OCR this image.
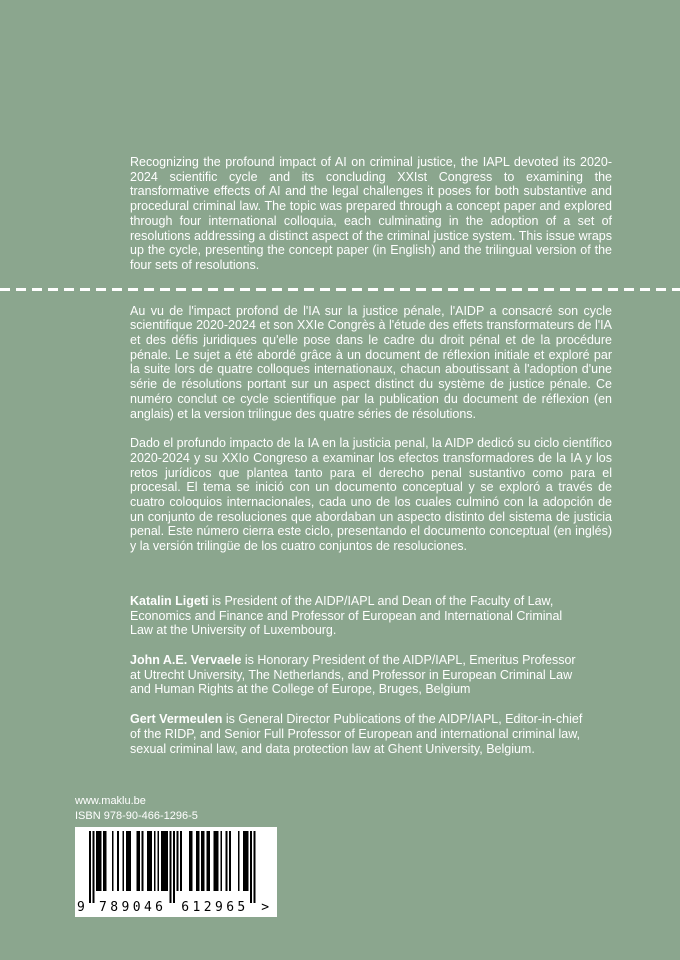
Recognizing the profound impact of AI on criminal justice, the IAPL devoted its 2020-2024 scientific cycle and its concluding XXIst Congress to examining the transformative effects of AI and the legal challenges it poses for both substantive and procedural criminal law. The topic was prepared through a concept paper and explored through four international colloquia, each culminating in the adoption of a set of resolutions addressing a distinct aspect of the criminal justice system. This issue wraps up the cycle, presenting the concept paper (in English) and the trilingual version of the four sets of resolutions.

Au vu de l'impact profond de l'IA sur la justice pénale, l'AIDP a consacré son cycle scientifique 2020-2024 et son XXIe Congrès à l'étude des effets transformateurs de l'IA et des défis juridiques qu'elle pose dans le cadre du droit pénal et de la procédure pénale. Le sujet a été abordé grâce à un document de réflexion initiale et exploré par la suite lors de quatre colloques internationaux, chacun aboutissant à l'adoption d'une série de résolutions portant sur un aspect distinct du système de justice pénale. Ce numéro conclut ce cycle scientifique par la publication du document de réflexion (en anglais) et la version trilingue des quatre séries de résolutions.

Dado el profundo impacto de la IA en la justicia penal, la AIDP dedicó su ciclo científico 2020-2024 y su XXIo Congreso a examinar los efectos transformadores de la IA y los retos jurídicos que plantea tanto para el derecho penal sustantivo como para el procesal. El tema se inició con un documento conceptual y se exploró a través de cuatro coloquios internacionales, cada uno de los cuales culminó con la adopción de un conjunto de resoluciones que abordaban un aspecto distinto del sistema de justicia penal. Este número cierra este ciclo, presentando el documento conceptual (en inglés) y la versión trilingüe de los cuatro conjuntos de resoluciones.

Katalin Ligeti is President of the AIDP/IAPL and Dean of the Faculty of Law, Economics and Finance and Professor of European and International Criminal Law at the University of Luxembourg.

John A.E. Vervaele is Honorary President of the AIDP/IAPL, Emeritus Professor at Utrecht University, The Netherlands, and Professor in European Criminal Law and Human Rights at the College of Europe, Bruges, Belgium

Gert Vermeulen is General Director Publications of the AIDP/IAPL, Editor-in-chief of the RIDP, and Senior Full Professor of European and international criminal law, sexual criminal law, and data protection law at Ghent University, Belgium.

www.maklu.be
ISBN 978-90-466-1296-5
9 789046 612965 >
